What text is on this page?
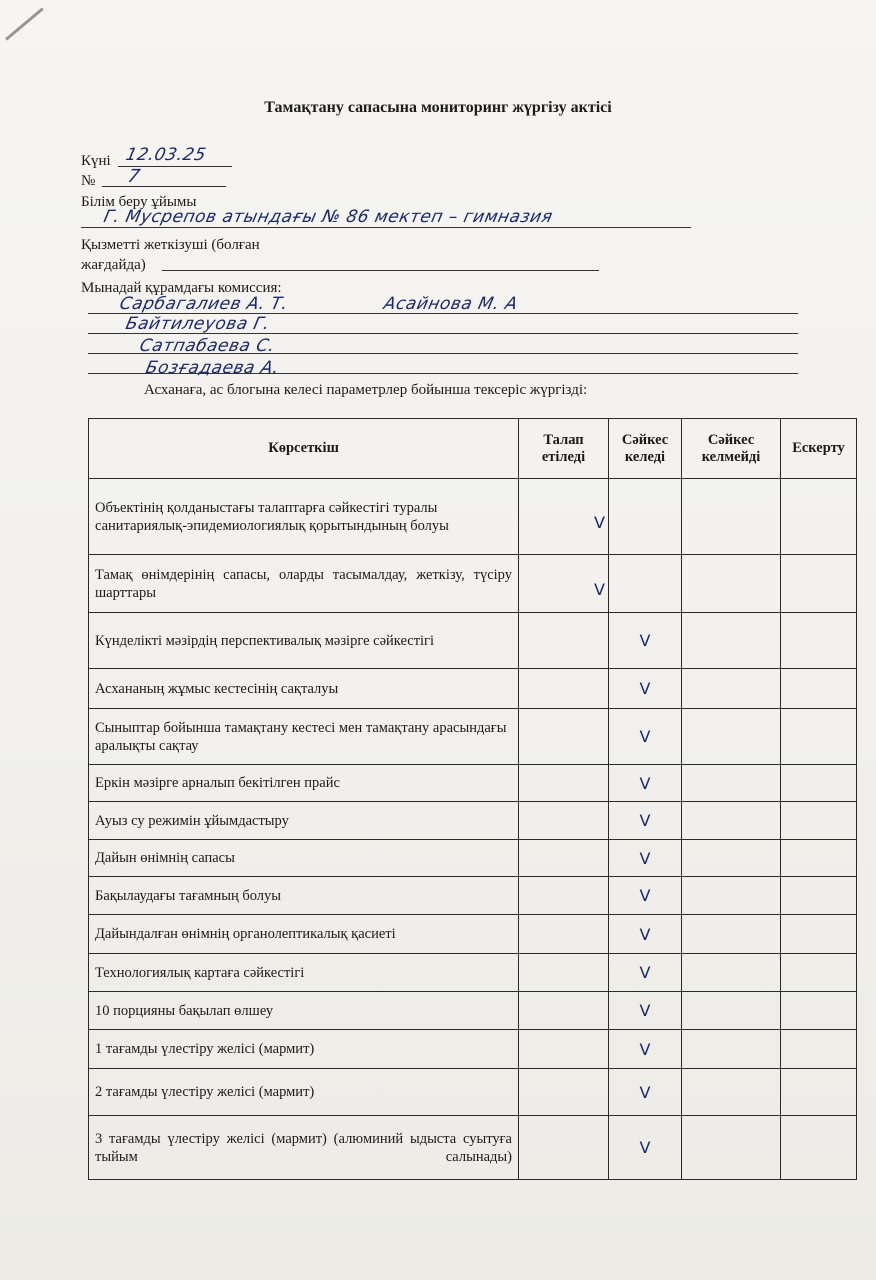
Тамақтану сапасына мониторинг жүргізу актісі
Күні 12.03.25
№ 7
Білім беру ұйымы
Г. Мусрепов атындағы № 86 мектеп – гимназия
Қызметті жеткізуші (болған
жағдайда)
Мынадай құрамдағы комиссия:
Сарбагалиев А. Т.	Асайнова М. А
Байтилеуова Г.
Сатпабаева С.
Бозғадаева А.
Асханаға, ас блогына келесі параметрлер бойынша тексеріс жүргізді:
Көрсеткіш	Талап етіледі	Сәйкес келеді	Сәйкес келмейді	Ескерту
Объектінің қолданыстағы талаптарға сәйкестігі туралы санитариялық-эпидемиологиялық қорытындының болуы	V			
Тамақ өнімдерінің сапасы, оларды тасымалдау, жеткізу, түсіру шарттары	V			
Күнделікті мәзірдің перспективалық мәзірге сәйкестігі		V		
Асхананың жұмыс кестесінің сақталуы		V		
Сыныптар бойынша тамақтану кестесі мен тамақтану арасындағы аралықты сақтау		V		
Еркін мәзірге арналып бекітілген прайс		V		
Ауыз су режимін ұйымдастыру		V		
Дайын өнімнің сапасы		V		
Бақылаудағы тағамның болуы		V		
Дайындалған өнімнің органолептикалық қасиеті		V		
Технологиялық картаға сәйкестігі		V		
10 порцияны бақылап өлшеу		V		
1 тағамды үлестіру желісі (мармит)		V		
2 тағамды үлестіру желісі (мармит)		V		
3 тағамды үлестіру желісі (мармит) (алюминий ыдыста суытуға тыйым салынады)		V		
